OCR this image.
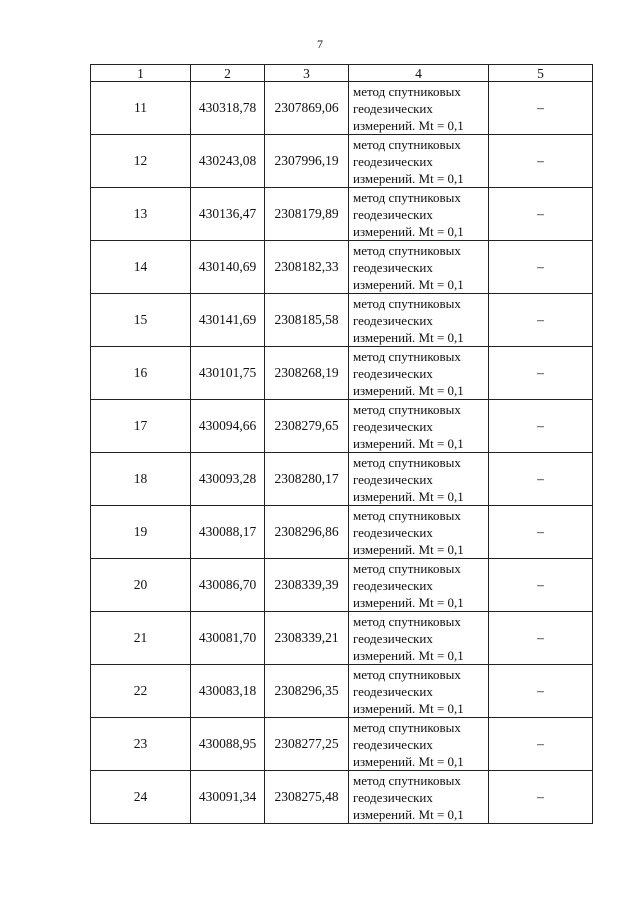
7
1	2	3	4	5
11	430318,78	2307869,06	метод спутниковых
геодезических
измерений. Mt = 0,1	–
12	430243,08	2307996,19	метод спутниковых
геодезических
измерений. Mt = 0,1	–
13	430136,47	2308179,89	метод спутниковых
геодезических
измерений. Mt = 0,1	–
14	430140,69	2308182,33	метод спутниковых
геодезических
измерений. Mt = 0,1	–
15	430141,69	2308185,58	метод спутниковых
геодезических
измерений. Mt = 0,1	–
16	430101,75	2308268,19	метод спутниковых
геодезических
измерений. Mt = 0,1	–
17	430094,66	2308279,65	метод спутниковых
геодезических
измерений. Mt = 0,1	–
18	430093,28	2308280,17	метод спутниковых
геодезических
измерений. Mt = 0,1	–
19	430088,17	2308296,86	метод спутниковых
геодезических
измерений. Mt = 0,1	–
20	430086,70	2308339,39	метод спутниковых
геодезических
измерений. Mt = 0,1	–
21	430081,70	2308339,21	метод спутниковых
геодезических
измерений. Mt = 0,1	–
22	430083,18	2308296,35	метод спутниковых
геодезических
измерений. Mt = 0,1	–
23	430088,95	2308277,25	метод спутниковых
геодезических
измерений. Mt = 0,1	–
24	430091,34	2308275,48	метод спутниковых
геодезических
измерений. Mt = 0,1	–
